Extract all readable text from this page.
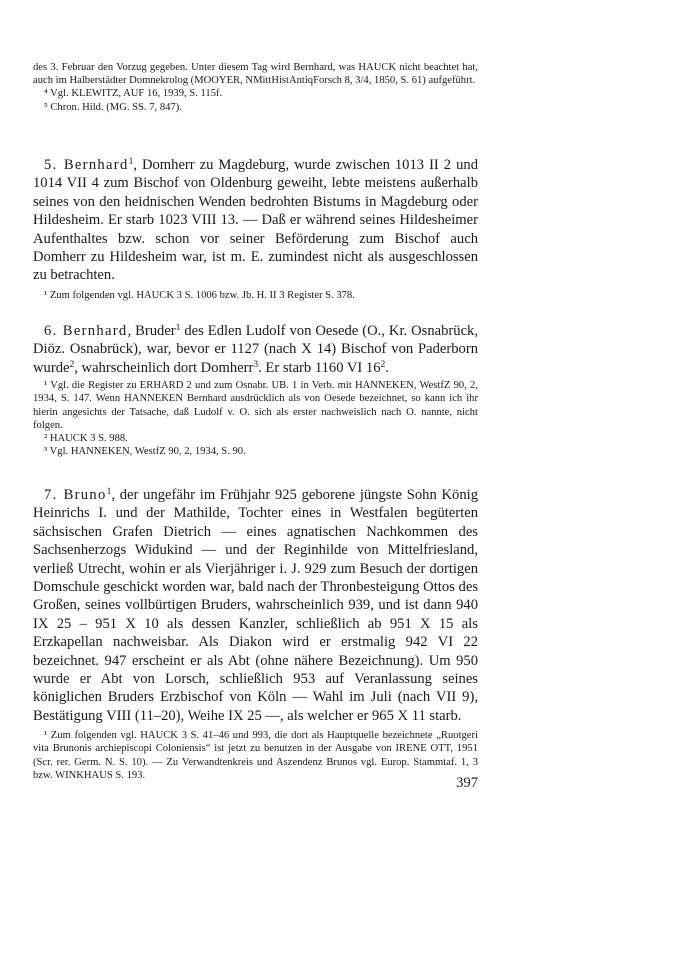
des 3. Februar den Vorzug gegeben. Unter diesem Tag wird Bernhard, was HAUCK nicht beachtet hat, auch im Halberstädter Domnekrolog (MOOYER, NMittHistAntiqForsch 8, 3/4, 1850, S. 61) aufgeführt.

⁴ Vgl. KLEWITZ, AUF 16, 1939, S. 115f.

⁵ Chron. Hild. (MG. SS. 7, 847).

5. Bernhard$^1$, Domherr zu Magdeburg, wurde zwischen 1013 II 2 und 1014 VII 4 zum Bischof von Oldenburg geweiht, lebte meistens außerhalb seines von den heidnischen Wenden bedrohten Bistums in Magdeburg oder Hildesheim. Er starb 1023 VIII 13. — Daß er während seines Hildesheimer Aufenthaltes bzw. schon vor seiner Beförderung zum Bischof auch Domherr zu Hildesheim war, ist m. E. zumindest nicht als ausgeschlossen zu betrachten.

¹ Zum folgenden vgl. HAUCK 3 S. 1006 bzw. Jb. H. II 3 Register S. 378.

6. Bernhard, Bruder$^1$ des Edlen Ludolf von Oesede (O., Kr. Osnabrück, Diöz. Osnabrück), war, bevor er 1127 (nach X 14) Bischof von Paderborn wurde$^2$, wahrscheinlich dort Domherr$^3$. Er starb 1160 VI $16^2$.

¹ Vgl. die Register zu ERHARD 2 und zum Osnabr. UB. 1 in Verb. mit HANNEKEN, WestfZ 90, 2, 1934, S. 147. Wenn HANNEKEN Bernhard ausdrücklich als von Oesede bezeichnet, so kann ich ihr hierin angesichts der Tatsache, daß Ludolf v. O. sich als erster nachweislich nach O. nannte, nicht folgen.

² HAUCK 3 S. 988.

³ Vgl. HANNEKEN, WestfZ 90, 2, 1934, S. 90.

7. Bruno$^1$, der ungefähr im Frühjahr 925 geborene jüngste Sohn König Heinrichs I. und der Mathilde, Tochter eines in Westfalen begüterten sächsischen Grafen Dietrich — eines agnatischen Nachkommen des Sachsenherzogs Widukind — und der Reginhilde von Mittelfriesland, verließ Utrecht, wohin er als Vierjähriger i. J. 929 zum Besuch der dortigen Domschule geschickt worden war, bald nach der Thronbesteigung Ottos des Großen, seines vollbürtigen Bruders, wahrscheinlich 939, und ist dann 940 IX 25 – 951 X 10 als dessen Kanzler, schließlich ab 951 X 15 als Erzkapellan nachweisbar. Als Diakon wird er erstmalig 942 VI 22 bezeichnet. 947 erscheint er als Abt (ohne nähere Bezeichnung). Um 950 wurde er Abt von Lorsch, schließlich 953 auf Veranlassung seines königlichen Bruders Erzbischof von Köln — Wahl im Juli (nach VII 9), Bestätigung VIII (11–20), Weihe IX 25 —, als welcher er 965 X 11 starb.

¹ Zum folgenden vgl. HAUCK 3 S. 41–46 und 993, die dort als Hauptquelle bezeichnete „Ruotgeri vita Brunonis archiepiscopi Coloniensis“ ist jetzt zu benutzen in der Ausgabe von IRENE OTT, 1951 (Scr. rer. Germ. N. S. 10). — Zu Verwandtenkreis und Aszendenz Brunos vgl. Europ. Stammtaf. 1, 3 bzw. WINKHAUS S. 193.	397
